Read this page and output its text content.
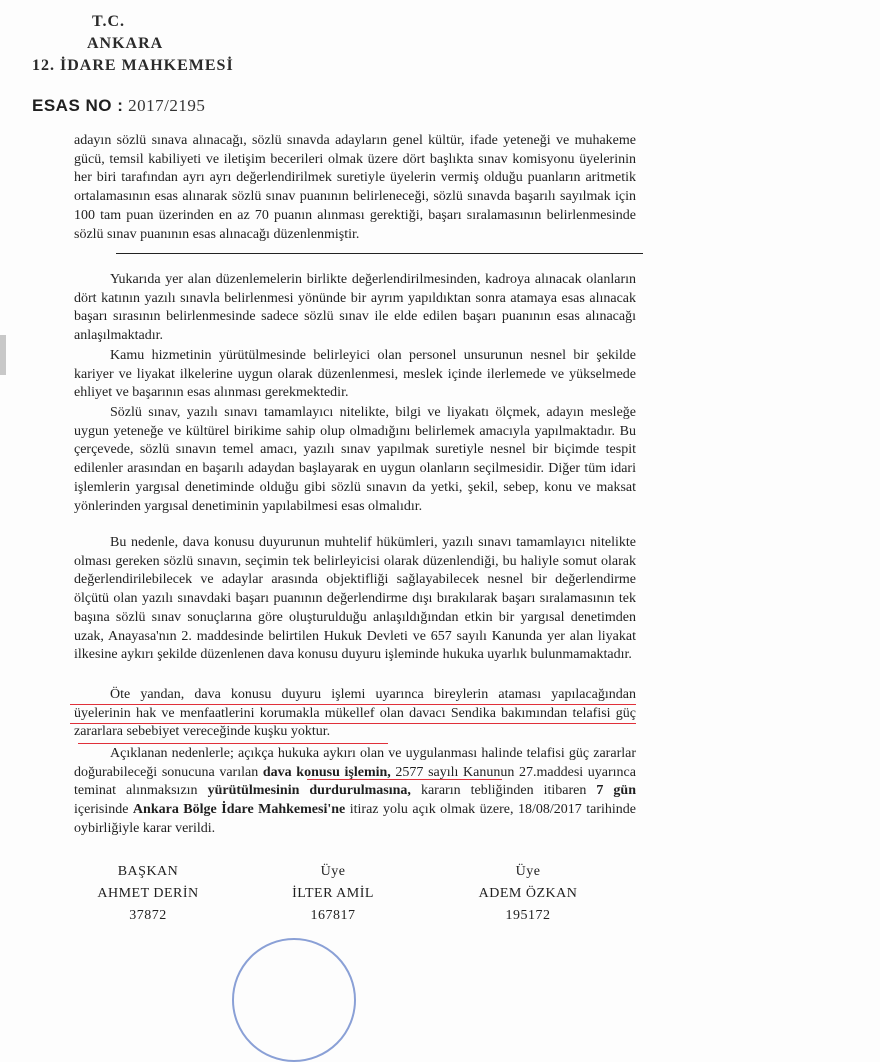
T.C.
ANKARA
12. İDARE MAHKEMESİ
ESAS NO : 2017/2195
adayın sözlü sınava alınacağı, sözlü sınavda adayların genel kültür, ifade yeteneği ve muhakeme gücü, temsil kabiliyeti ve iletişim becerileri olmak üzere dört başlıkta sınav komisyonu üyelerinin her biri tarafından ayrı ayrı değerlendirilmek suretiyle üyelerin vermiş olduğu puanların aritmetik ortalamasının esas alınarak sözlü sınav puanının belirleneceği, sözlü sınavda başarılı sayılmak için 100 tam puan üzerinden en az 70 puanın alınması gerektiği, başarı sıralamasının belirlenmesinde sözlü sınav puanının esas alınacağı düzenlenmiştir.
Yukarıda yer alan düzenlemelerin birlikte değerlendirilmesinden, kadroya alınacak olanların dört katının yazılı sınavla belirlenmesi yönünde bir ayrım yapıldıktan sonra atamaya esas alınacak başarı sırasının belirlenmesinde sadece sözlü sınav ile elde edilen başarı puanının esas alınacağı anlaşılmaktadır.
Kamu hizmetinin yürütülmesinde belirleyici olan personel unsurunun nesnel bir şekilde kariyer ve liyakat ilkelerine uygun olarak düzenlenmesi, meslek içinde ilerlemede ve yükselmede ehliyet ve başarının esas alınması gerekmektedir.
Sözlü sınav, yazılı sınavı tamamlayıcı nitelikte, bilgi ve liyakatı ölçmek, adayın mesleğe uygun yeteneğe ve kültürel birikime sahip olup olmadığını belirlemek amacıyla yapılmaktadır. Bu çerçevede, sözlü sınavın temel amacı, yazılı sınav yapılmak suretiyle nesnel bir biçimde tespit edilenler arasından en başarılı adaydan başlayarak en uygun olanların seçilmesidir. Diğer tüm idari işlemlerin yargısal denetiminde olduğu gibi sözlü sınavın da yetki, şekil, sebep, konu ve maksat yönlerinden yargısal denetiminin yapılabilmesi esas olmalıdır.
Bu nedenle, dava konusu duyurunun muhtelif hükümleri, yazılı sınavı tamamlayıcı nitelikte olması gereken sözlü sınavın, seçimin tek belirleyicisi olarak düzenlendiği, bu haliyle somut olarak değerlendirilebilecek ve adaylar arasında objektifliği sağlayabilecek nesnel bir değerlendirme ölçütü olan yazılı sınavdaki başarı puanının değerlendirme dışı bırakılarak başarı sıralamasının tek başına sözlü sınav sonuçlarına göre oluşturulduğu anlaşıldığından etkin bir yargısal denetimden uzak, Anayasa'nın 2. maddesinde belirtilen Hukuk Devleti ve 657 sayılı Kanunda yer alan liyakat ilkesine aykırı şekilde düzenlenen dava konusu duyuru işleminde hukuka uyarlık bulunmamaktadır.
Öte yandan, dava konusu duyuru işlemi uyarınca bireylerin ataması yapılacağından üyelerinin hak ve menfaatlerini korumakla mükellef olan davacı Sendika bakımından telafisi güç zararlara sebebiyet vereceğinde kuşku yoktur.
Açıklanan nedenlerle; açıkça hukuka aykırı olan ve uygulanması halinde telafisi güç zararlar doğurabileceği sonucuna varılan dava konusu işlemin, 2577 sayılı Kanunun 27.maddesi uyarınca teminat alınmaksızın yürütülmesinin durdurulmasına, kararın tebliğinden itibaren 7 gün içerisinde Ankara Bölge İdare Mahkemesi'ne itiraz yolu açık olmak üzere, 18/08/2017 tarihinde oybirliğiyle karar verildi.
BAŞKAN
AHMET DERİN
37872
Üye
İLTER AMİL
167817
Üye
ADEM ÖZKAN
195172
